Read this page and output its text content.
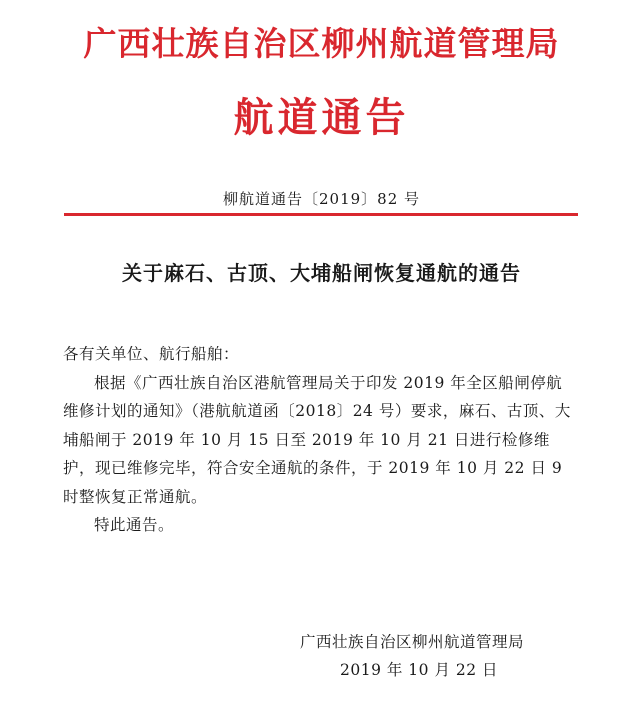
广西壮族自治区柳州航道管理局
航道通告
柳航道通告〔2019〕82 号
关于麻石、古顶、大埔船闸恢复通航的通告

各有关单位、航行船舶：

根据《广西壮族自治区港航管理局关于印发 2019 年全区船闸停航维修计划的通知》（港航航道函〔2018〕24 号）要求，麻石、古顶、大埔船闸于 2019 年 10 月 15 日至 2019 年 10 月 21 日进行检修维护，现已维修完毕，符合安全通航的条件，于 2019 年 10 月 22 日 9 时整恢复正常通航。

特此通告。

广西壮族自治区柳州航道管理局
2019 年 10 月 22 日
